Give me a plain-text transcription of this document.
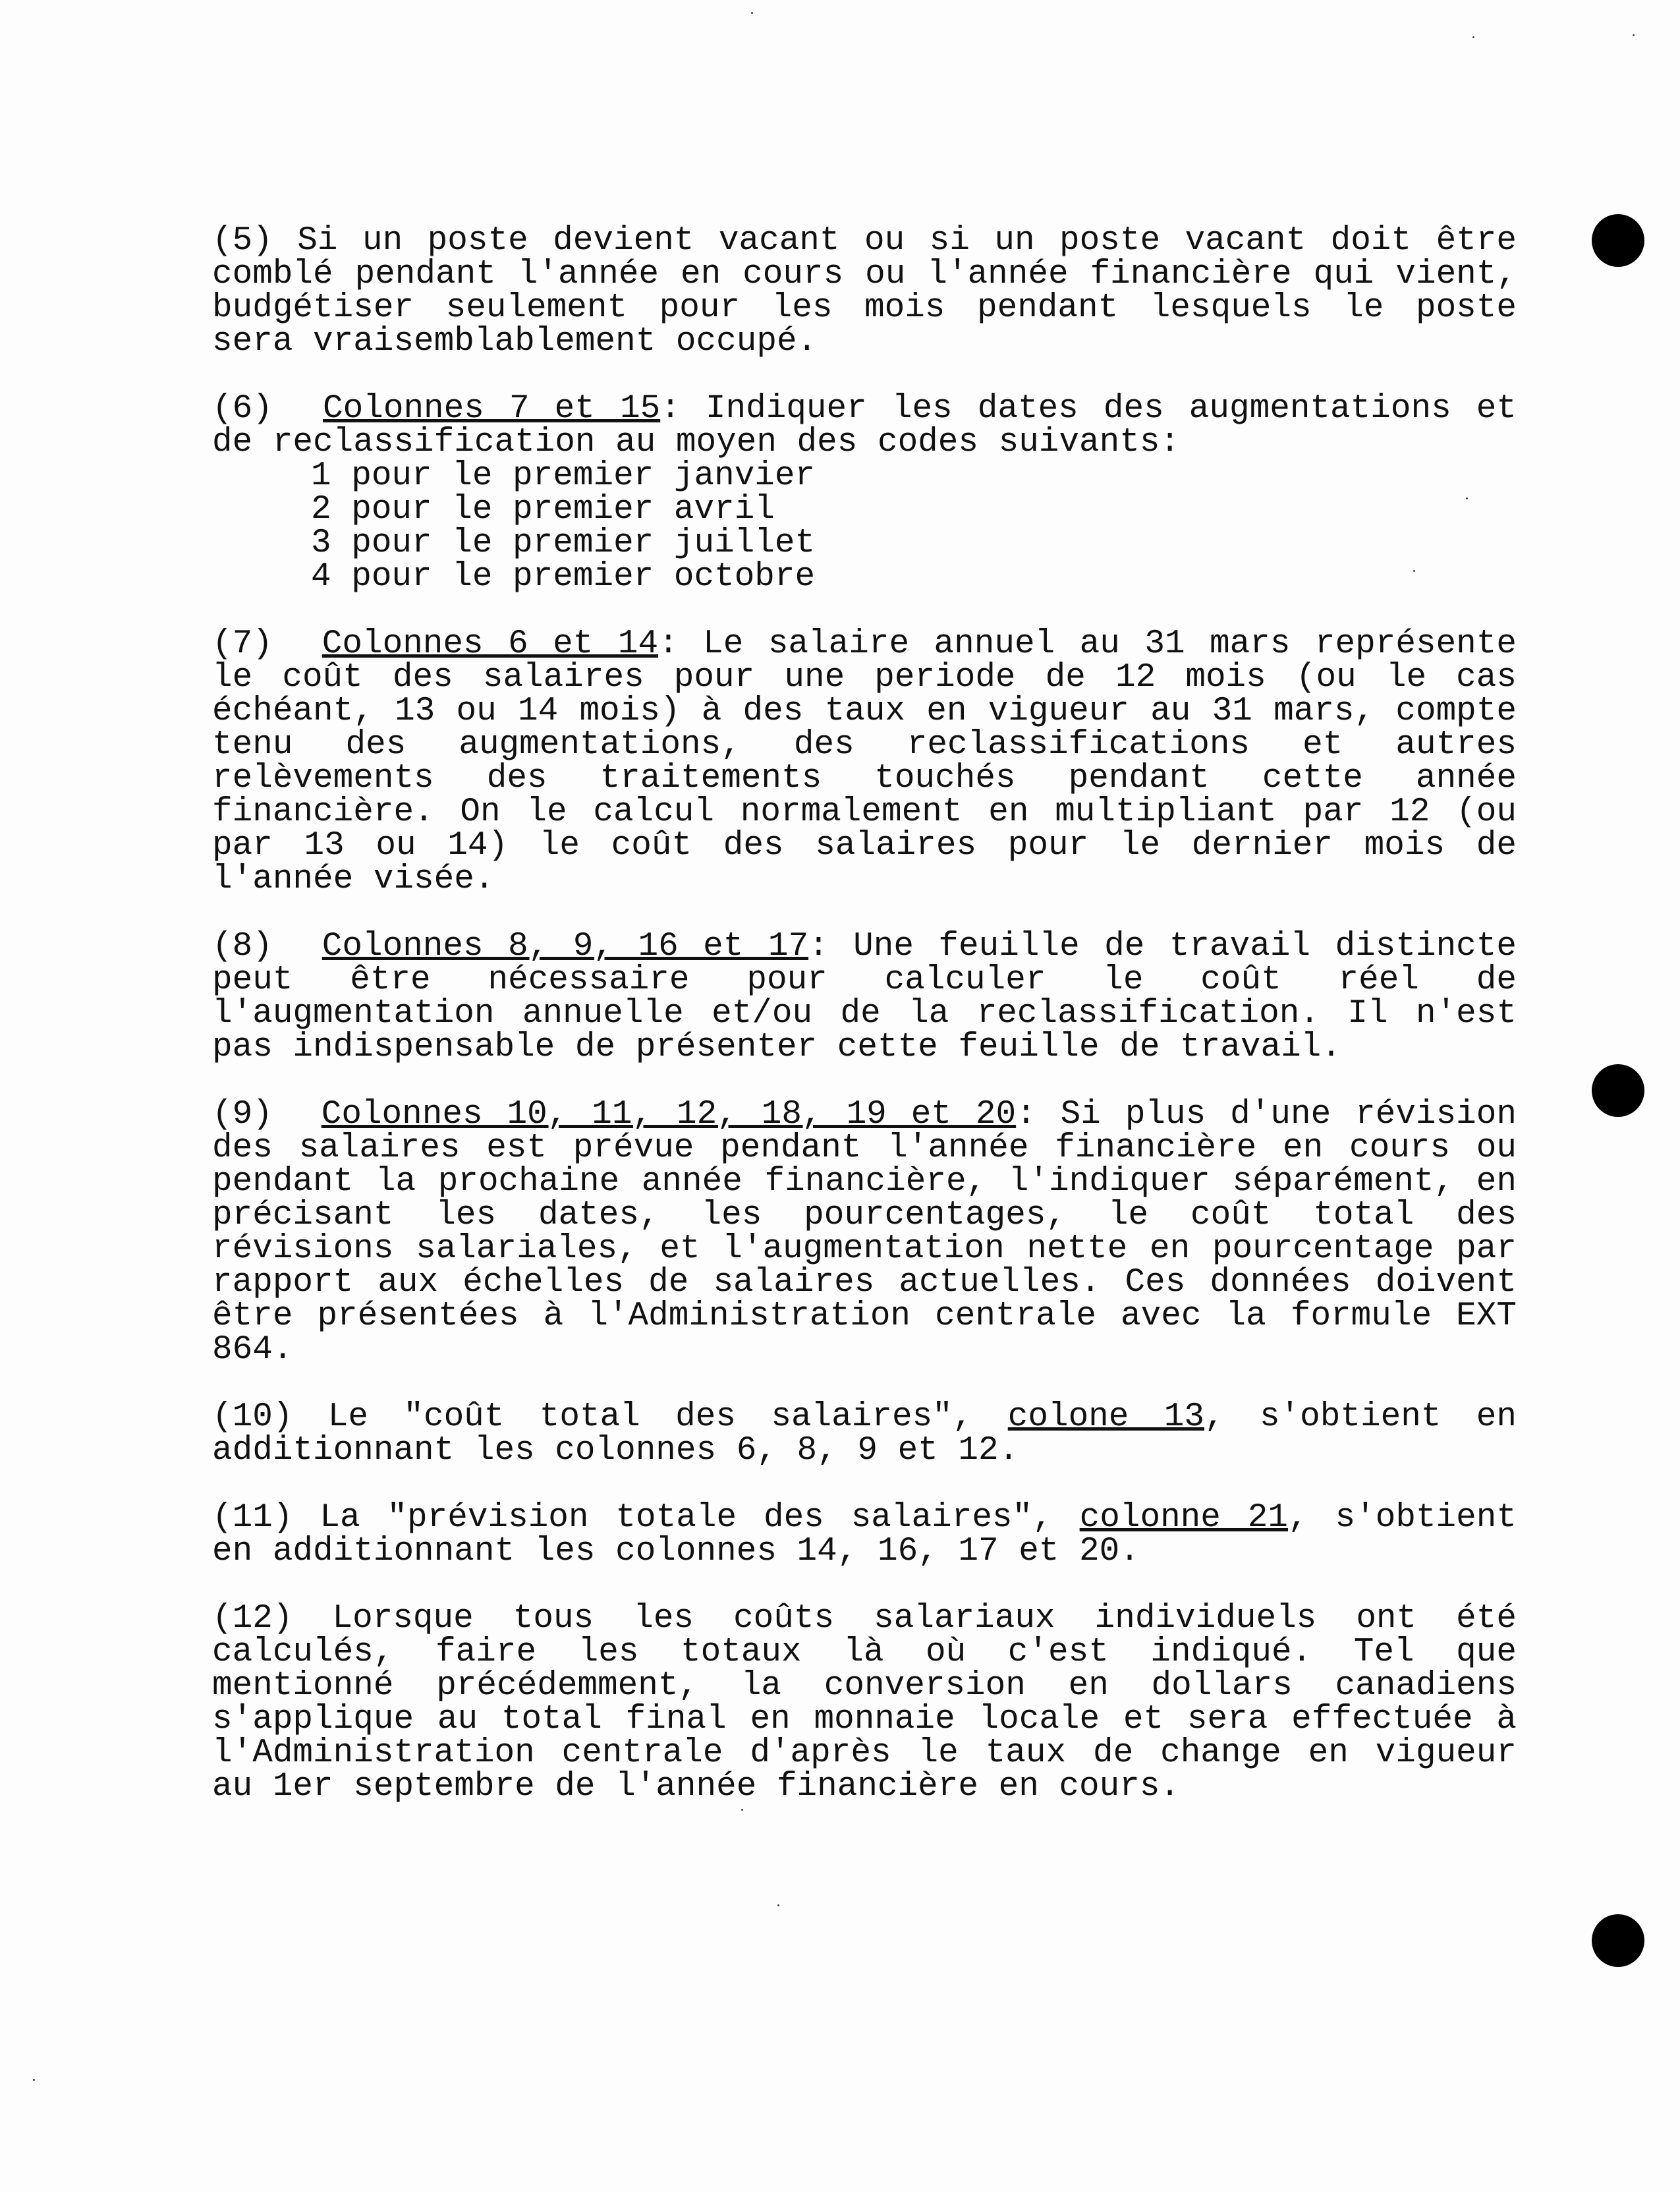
(5) Si un poste devient vacant ou si un poste vacant doit être comblé pendant l'année en cours ou l'année financière qui vient, budgétiser seulement pour les mois pendant lesquels le poste sera vraisemblablement occupé.

(6) Colonnes 7 et 15: Indiquer les dates des augmentations et de reclassification au moyen des codes suivants:
1 pour le premier janvier
2 pour le premier avril
3 pour le premier juillet
4 pour le premier octobre

(7) Colonnes 6 et 14: Le salaire annuel au 31 mars représente le coût des salaires pour une periode de 12 mois (ou le cas échéant, 13 ou 14 mois) à des taux en vigueur au 31 mars, compte tenu des augmentations, des reclassifications et autres relèvements des traitements touchés pendant cette année financière. On le calcul normalement en multipliant par 12 (ou par 13 ou 14) le coût des salaires pour le dernier mois de l'année visée.

(8) Colonnes 8, 9, 16 et 17: Une feuille de travail distincte peut être nécessaire pour calculer le coût réel de l'augmentation annuelle et/ou de la reclassification. Il n'est pas indispensable de présenter cette feuille de travail.

(9) Colonnes 10, 11, 12, 18, 19 et 20: Si plus d'une révision des salaires est prévue pendant l'année financière en cours ou pendant la prochaine année financière, l'indiquer séparément, en précisant les dates, les pourcentages, le coût total des révisions salariales, et l'augmentation nette en pourcentage par rapport aux échelles de salaires actuelles. Ces données doivent être présentées à l'Administration centrale avec la formule EXT 864.

(10) Le "coût total des salaires", colone 13, s'obtient en additionnant les colonnes 6, 8, 9 et 12.

(11) La "prévision totale des salaires", colonne 21, s'obtient en additionnant les colonnes 14, 16, 17 et 20.

(12) Lorsque tous les coûts salariaux individuels ont été calculés, faire les totaux là où c'est indiqué. Tel que mentionné précédemment, la conversion en dollars canadiens s'applique au total final en monnaie locale et sera effectuée à l'Administration centrale d'après le taux de change en vigueur au 1er septembre de l'année financière en cours.
